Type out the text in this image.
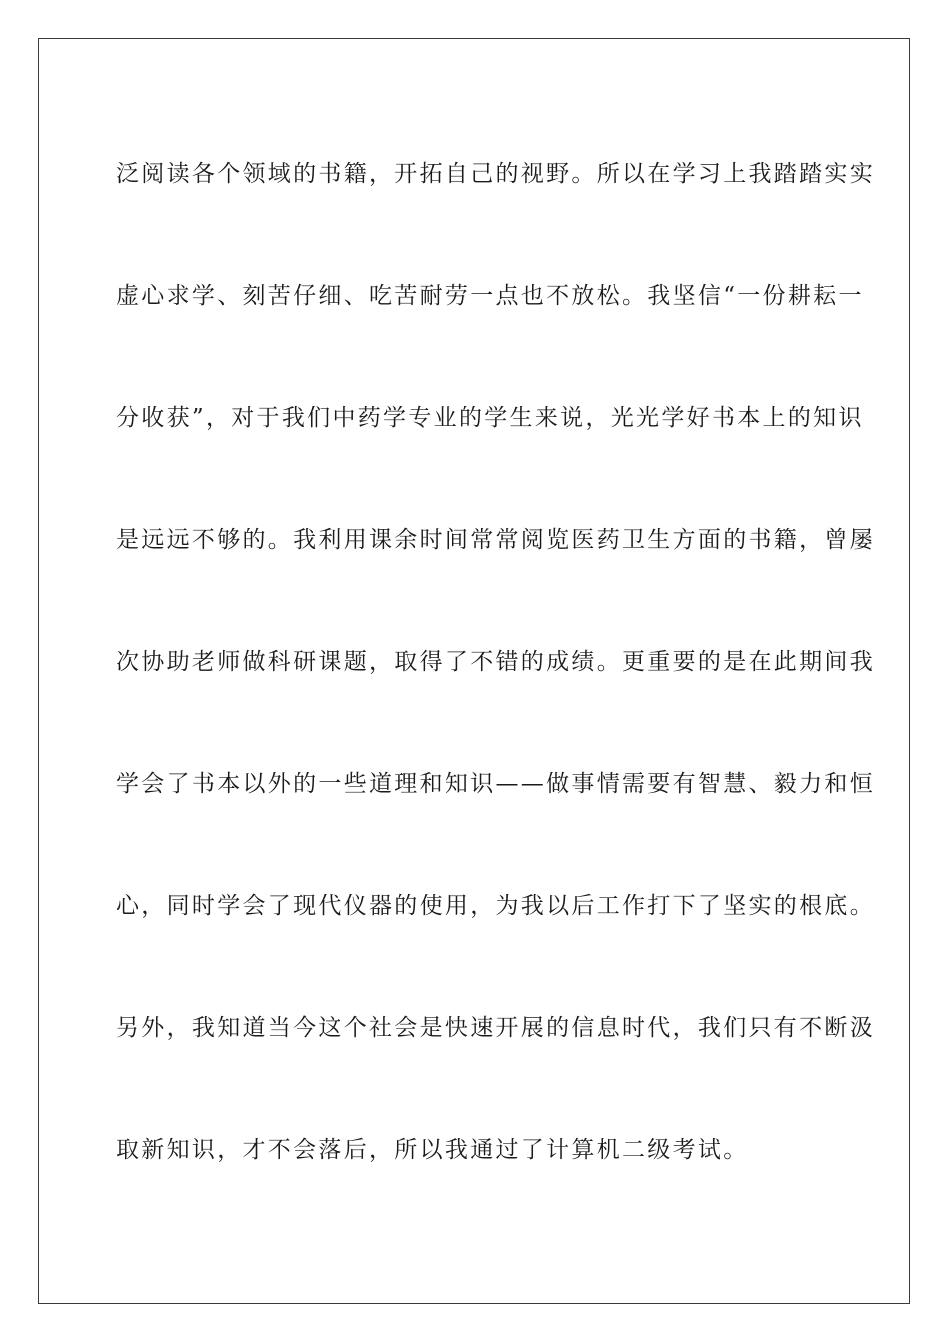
泛阅读各个领域的书籍，开拓自己的视野。所以在学习上我踏踏实实

虚心求学、刻苦仔细、吃苦耐劳一点也不放松。我坚信“一份耕耘一

分收获”，对于我们中药学专业的学生来说，光光学好书本上的知识

是远远不够的。我利用课余时间常常阅览医药卫生方面的书籍，曾屡

次协助老师做科研课题，取得了不错的成绩。更重要的是在此期间我

学会了书本以外的一些道理和知识——做事情需要有智慧、毅力和恒

心，同时学会了现代仪器的使用，为我以后工作打下了坚实的根底。

另外，我知道当今这个社会是快速开展的信息时代，我们只有不断汲

取新知识，才不会落后，所以我通过了计算机二级考试。
